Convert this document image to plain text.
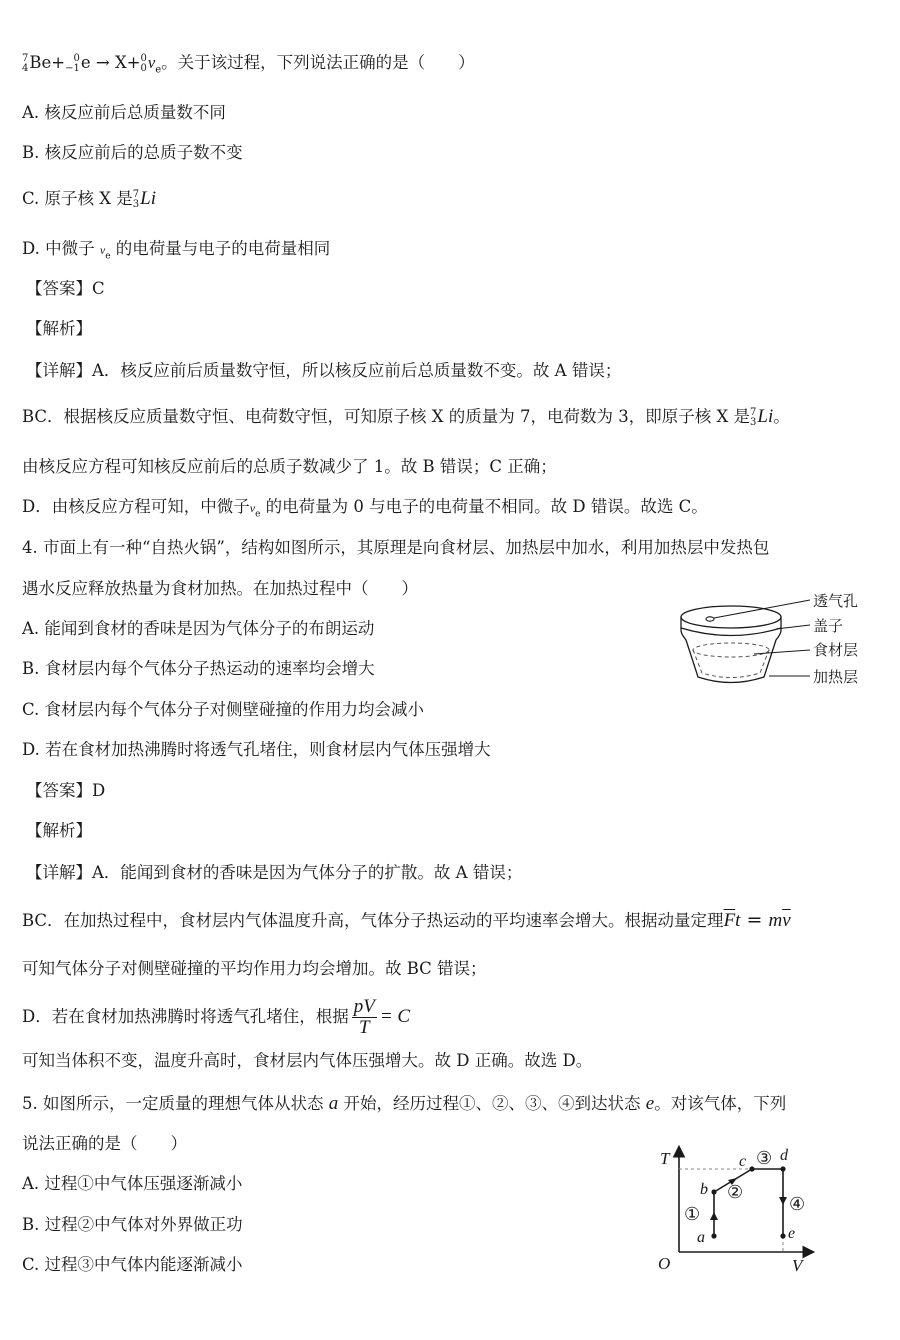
7
4 Be+ 0
−1 e → X+ 0
0 $\nu_e$。关于该过程，下列说法正确的是（　　）
A. 核反应前后总质量数不同
B. 核反应前后的总质子数不变
C. 原子核 X 是 7
3 Li
D. 中微子 $\nu_e$ 的电荷量与电子的电荷量相同
【答案】C
【解析】
【详解】A．核反应前后质量数守恒，所以核反应前后总质量数不变。故 A 错误；
BC．根据核反应质量数守恒、电荷数守恒，可知原子核 X 的质量为 7，电荷数为 3，即原子核 X 是 7
3 Li。
由核反应方程可知核反应前后的总质子数减少了 1。故 B 错误；C 正确；
D．由核反应方程可知，中微子$\nu_e$ 的电荷量为 0 与电子的电荷量不相同。故 D 错误。故选 C。
4. 市面上有一种“自热火锅”，结构如图所示，其原理是向食材层、加热层中加水，利用加热层中发热包
遇水反应释放热量为食材加热。在加热过程中（　　）
A. 能闻到食材的香味是因为气体分子的布朗运动
B. 食材层内每个气体分子热运动的速率均会增大
C. 食材层内每个气体分子对侧壁碰撞的作用力均会减小
D. 若在食材加热沸腾时将透气孔堵住，则食材层内气体压强增大
透气孔
盖子
食材层
加热层
【答案】D
【解析】
【详解】A．能闻到食材的香味是因为气体分子的扩散。故 A 错误；
BC．在加热过程中，食材层内气体温度升高，气体分子热运动的平均速率会增大。根据动量定理$\overline{F}t = m\overline{v}$
可知气体分子对侧壁碰撞的平均作用力均会增加。故 BC 错误；
D．若在食材加热沸腾时将透气孔堵住，根据 $\frac{pV}{T} = C$
可知当体积不变，温度升高时，食材层内气体压强增大。故 D 正确。故选 D。
5. 如图所示，一定质量的理想气体从状态 a 开始，经历过程①、②、③、④到达状态 e。对该气体，下列
说法正确的是（　　）
A. 过程①中气体压强逐渐减小
B. 过程②中气体对外界做正功
C. 过程③中气体内能逐渐减小
T
V
O
a
b
c d
e
①
②
③
④
